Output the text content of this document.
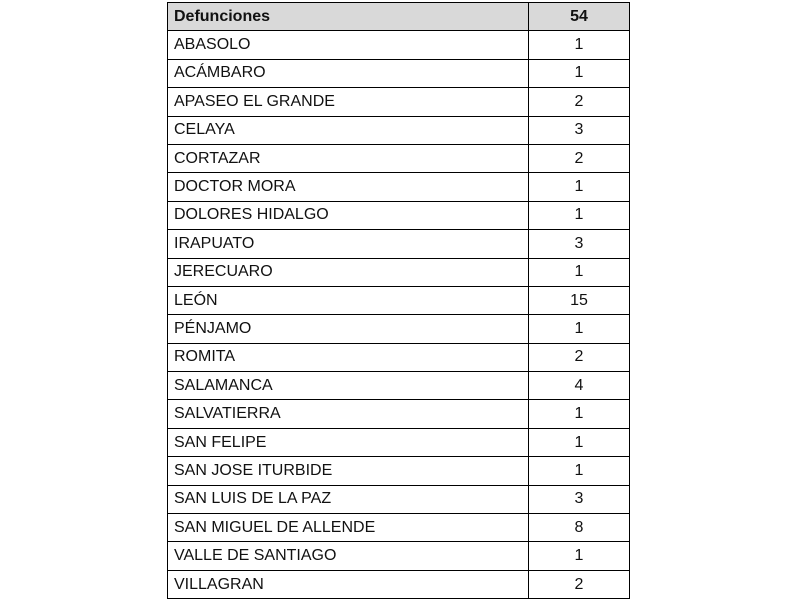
Defunciones	54
ABASOLO	1
ACÁMBARO	1
APASEO EL GRANDE	2
CELAYA	3
CORTAZAR	2
DOCTOR MORA	1
DOLORES HIDALGO	1
IRAPUATO	3
JERECUARO	1
LEÓN	15
PÉNJAMO	1
ROMITA	2
SALAMANCA	4
SALVATIERRA	1
SAN FELIPE	1
SAN JOSE ITURBIDE	1
SAN LUIS DE LA PAZ	3
SAN MIGUEL DE ALLENDE	8
VALLE DE SANTIAGO	1
VILLAGRAN	2
